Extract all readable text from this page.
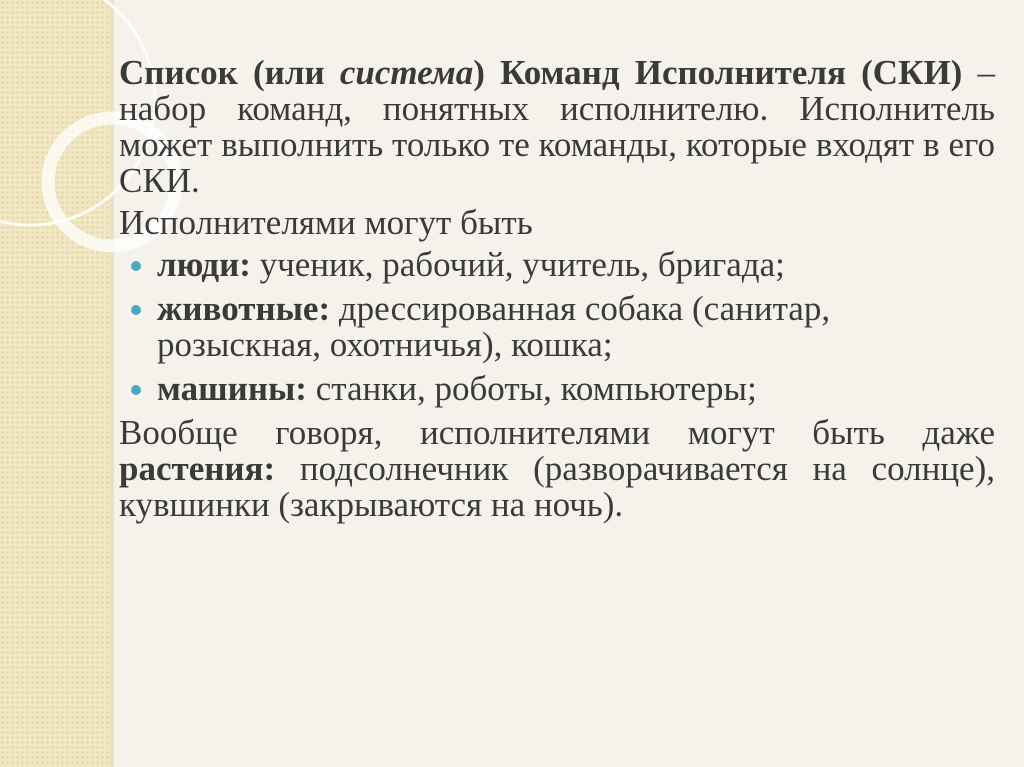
Список (или система) Команд Исполнителя (СКИ) – набор команд, понятных исполнителю. Исполнитель может выполнить только те команды, которые входят в его СКИ.

Исполнителями могут быть

люди: ученик, рабочий, учитель, бригада;
животные: дрессированная собака (санитар, розыскная, охотничья), кошка;
машины: станки, роботы, компьютеры;

Вообще говоря, исполнителями могут быть даже растения: подсолнечник (разворачивается на солнце), кувшинки (закрываются на ночь).
